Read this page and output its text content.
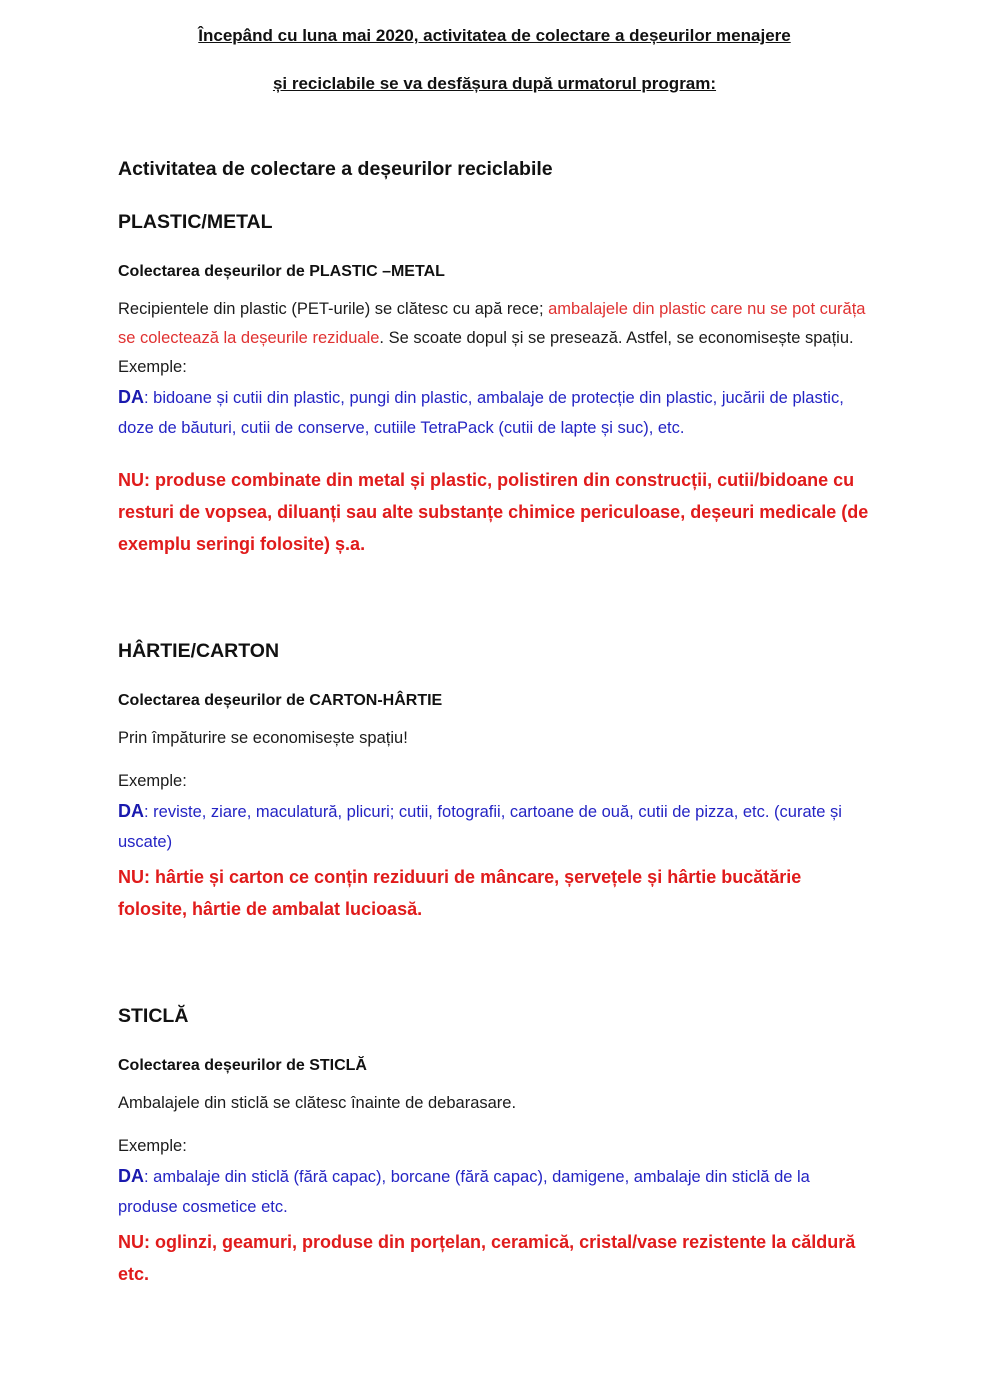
Începând cu luna mai 2020, activitatea de colectare a deșeurilor menajere

și reciclabile se va desfășura după urmatorul program:

Activitatea de colectare a deșeurilor reciclabile

PLASTIC/METAL

Colectarea deșeurilor de PLASTIC –METAL

Recipientele din plastic (PET-urile) se clătesc cu apă rece; ambalajele din plastic care nu se pot curăța se colectează la deșeurile reziduale. Se scoate dopul și se presează. Astfel, se economisește spațiu.

Exemple:

DA: bidoane și cutii din plastic, pungi din plastic, ambalaje de protecție din plastic, jucării de plastic, doze de băuturi, cutii de conserve, cutiile TetraPack (cutii de lapte și suc), etc.

NU: produse combinate din metal și plastic, polistiren din construcții, cutii/bidoane cu resturi de vopsea, diluanți sau alte substanțe chimice periculoase, deșeuri medicale (de exemplu seringi folosite) ș.a.

HÂRTIE/CARTON

Colectarea deșeurilor de CARTON-HÂRTIE

Prin împăturire se economisește spațiu!

Exemple:

DA: reviste, ziare, maculatură, plicuri; cutii, fotografii, cartoane de ouă, cutii de pizza, etc. (curate și uscate)

NU: hârtie și carton ce conțin reziduuri de mâncare, șervețele și hârtie bucătărie folosite, hârtie de ambalat lucioasă.

STICLĂ

Colectarea deșeurilor de STICLĂ

Ambalajele din sticlă se clătesc înainte de debarasare.

Exemple:

DA: ambalaje din sticlă (fără capac), borcane (fără capac), damigene, ambalaje din sticlă de la produse cosmetice etc.

NU: oglinzi, geamuri, produse din porțelan, ceramică, cristal/vase rezistente la căldură etc.
